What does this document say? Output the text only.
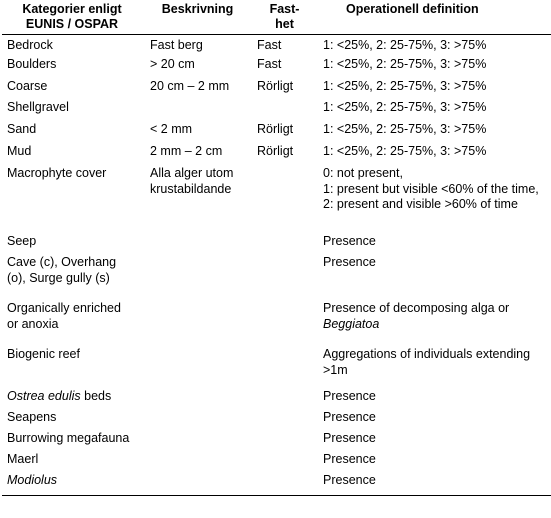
Kategorier enligt
EUNIS / OSPAR	Beskrivning	Fast-
het	Operationell definition

Bedrock	Fast berg	Fast	1: <25%, 2: 25-75%, 3: >75%
Boulders	> 20 cm	Fast	1: <25%, 2: 25-75%, 3: >75%
Coarse	20 cm – 2 mm	Rörligt	1: <25%, 2: 25-75%, 3: >75%
Shellgravel			1: <25%, 2: 25-75%, 3: >75%
Sand	< 2 mm	Rörligt	1: <25%, 2: 25-75%, 3: >75%
Mud	2 mm – 2 cm	Rörligt	1: <25%, 2: 25-75%, 3: >75%
Macrophyte cover	Alla alger utom
krustabildande		0: not present,
1: present but visible <60% of the time,
2: present and visible >60% of time

Seep			Presence

Cave (c), Overhang
(o), Surge gully (s)			Presence

Organically enriched
or anoxia			Presence of decomposing alga or
Beggiatoa

Biogenic reef			Aggregations of individuals extending
>1m

Ostrea edulis beds			Presence
Seapens			Presence
Burrowing megafauna			Presence
Maerl			Presence
Modiolus			Presence
